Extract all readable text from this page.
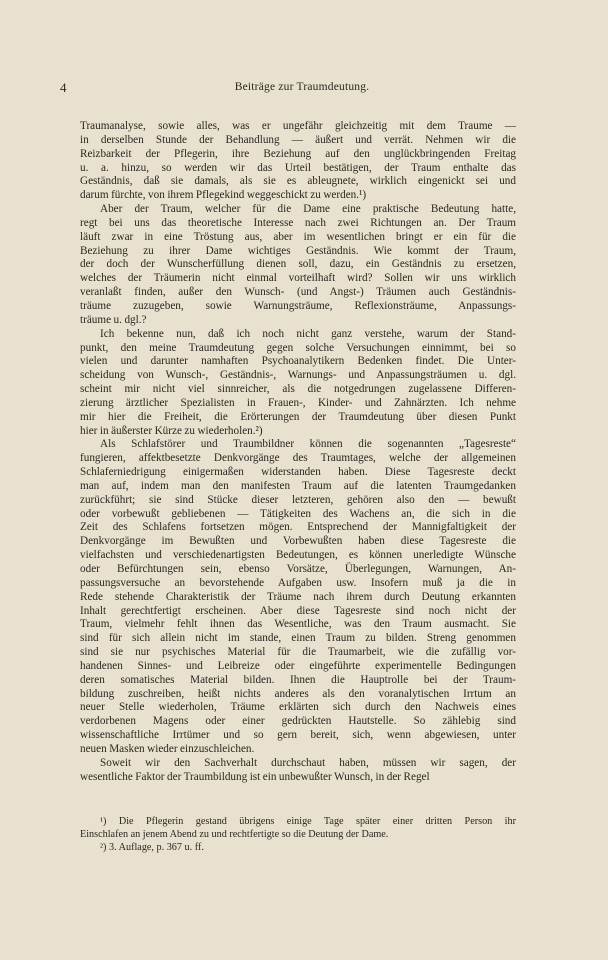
4	Beiträge zur Traumdeutung.

Traumanalyse, sowie alles, was er ungefähr gleichzeitig mit dem Traume —
in derselben Stunde der Behandlung — äußert und verrät. Nehmen wir die
Reizbarkeit der Pflegerin, ihre Beziehung auf den unglückbringenden Freitag
u. a. hinzu, so werden wir das Urteil bestätigen, der Traum enthalte das
Geständnis, daß sie damals, als sie es ableugnete, wirklich eingenickt sei und
darum fürchte, von ihrem Pflegekind weggeschickt zu werden.¹)

Aber der Traum, welcher für die Dame eine praktische Bedeutung hatte,
regt bei uns das theoretische Interesse nach zwei Richtungen an. Der Traum
läuft zwar in eine Tröstung aus, aber im wesentlichen bringt er ein für die
Beziehung zu ihrer Dame wichtiges Geständnis. Wie kommt der Traum,
der doch der Wunscherfüllung dienen soll, dazu, ein Geständnis zu ersetzen,
welches der Träumerin nicht einmal vorteilhaft wird? Sollen wir uns wirklich
veranlaßt finden, außer den Wunsch- (und Angst-) Träumen auch Geständnis-
träume zuzugeben, sowie Warnungsträume, Reflexionsträume, Anpassungs-
träume u. dgl.?

Ich bekenne nun, daß ich noch nicht ganz verstehe, warum der Stand-
punkt, den meine Traumdeutung gegen solche Versuchungen einnimmt, bei so
vielen und darunter namhaften Psychoanalytikern Bedenken findet. Die Unter-
scheidung von Wunsch-, Geständnis-, Warnungs- und Anpassungsträumen u. dgl.
scheint mir nicht viel sinnreicher, als die notgedrungen zugelassene Differen-
zierung ärztlicher Spezialisten in Frauen-, Kinder- und Zahnärzten. Ich nehme
mir hier die Freiheit, die Erörterungen der Traumdeutung über diesen Punkt
hier in äußerster Kürze zu wiederholen.²)

Als Schlafstörer und Traumbildner können die sogenannten „Tagesreste“
fungieren, affektbesetzte Denkvorgänge des Traumtages, welche der allgemeinen
Schlaferniedrigung einigermaßen widerstanden haben. Diese Tagesreste deckt
man auf, indem man den manifesten Traum auf die latenten Traumgedanken
zurückführt; sie sind Stücke dieser letzteren, gehören also den — bewußt
oder vorbewußt gebliebenen — Tätigkeiten des Wachens an, die sich in die
Zeit des Schlafens fortsetzen mögen. Entsprechend der Mannigfaltigkeit der
Denkvorgänge im Bewußten und Vorbewußten haben diese Tagesreste die
vielfachsten und verschiedenartigsten Bedeutungen, es können unerledigte Wünsche
oder Befürchtungen sein, ebenso Vorsätze, Überlegungen, Warnungen, An-
passungsversuche an bevorstehende Aufgaben usw. Insofern muß ja die in
Rede stehende Charakteristik der Träume nach ihrem durch Deutung erkannten
Inhalt gerechtfertigt erscheinen. Aber diese Tagesreste sind noch nicht der
Traum, vielmehr fehlt ihnen das Wesentliche, was den Traum ausmacht. Sie
sind für sich allein nicht im stande, einen Traum zu bilden. Streng genommen
sind sie nur psychisches Material für die Traumarbeit, wie die zufällig vor-
handenen Sinnes- und Leibreize oder eingeführte experimentelle Bedingungen
deren somatisches Material bilden. Ihnen die Hauptrolle bei der Traum-
bildung zuschreiben, heißt nichts anderes als den voranalytischen Irrtum an
neuer Stelle wiederholen, Träume erklärten sich durch den Nachweis eines
verdorbenen Magens oder einer gedrückten Hautstelle. So zählebig sind
wissenschaftliche Irrtümer und so gern bereit, sich, wenn abgewiesen, unter
neuen Masken wieder einzuschleichen.

Soweit wir den Sachverhalt durchschaut haben, müssen wir sagen, der
wesentliche Faktor der Traumbildung ist ein unbewußter Wunsch, in der Regel

¹) Die Pflegerin gestand übrigens einige Tage später einer dritten Person ihr
Einschlafen an jenem Abend zu und rechtfertigte so die Deutung der Dame.

²) 3. Auflage, p. 367 u. ff.
